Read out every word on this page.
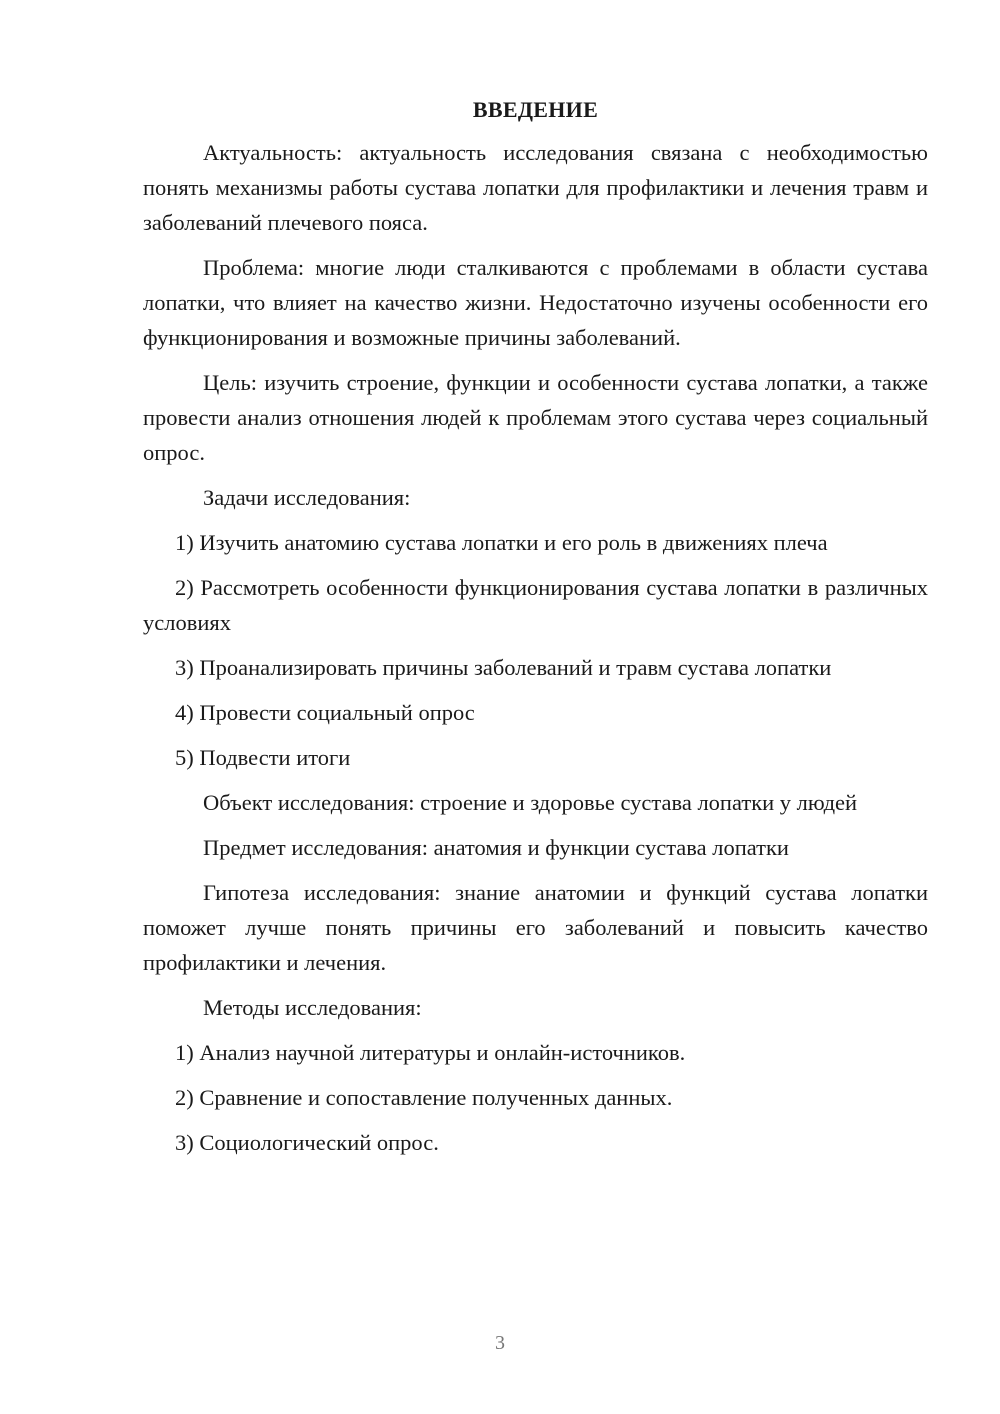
ВВЕДЕНИЕ

Актуальность: актуальность исследования связана с необходимостью понять механизмы работы сустава лопатки для профилактики и лечения травм и заболеваний плечевого пояса.

Проблема: многие люди сталкиваются с проблемами в области сустава лопатки, что влияет на качество жизни. Недостаточно изучены особенности его функционирования и возможные причины заболеваний.

Цель: изучить строение, функции и особенности сустава лопатки, а также провести анализ отношения людей к проблемам этого сустава через социальный опрос.

Задачи исследования:

1) Изучить анатомию сустава лопатки и его роль в движениях плеча

2) Рассмотреть особенности функционирования сустава лопатки в различных условиях

3) Проанализировать причины заболеваний и травм сустава лопатки

4) Провести социальный опрос

5) Подвести итоги

Объект исследования: строение и здоровье сустава лопатки у людей

Предмет исследования: анатомия и функции сустава лопатки

Гипотеза исследования: знание анатомии и функций сустава лопатки поможет лучше понять причины его заболеваний и повысить качество профилактики и лечения.

Методы исследования:

1) Анализ научной литературы и онлайн-источников.

2) Сравнение и сопоставление полученных данных.

3) Социологический опрос.

3
